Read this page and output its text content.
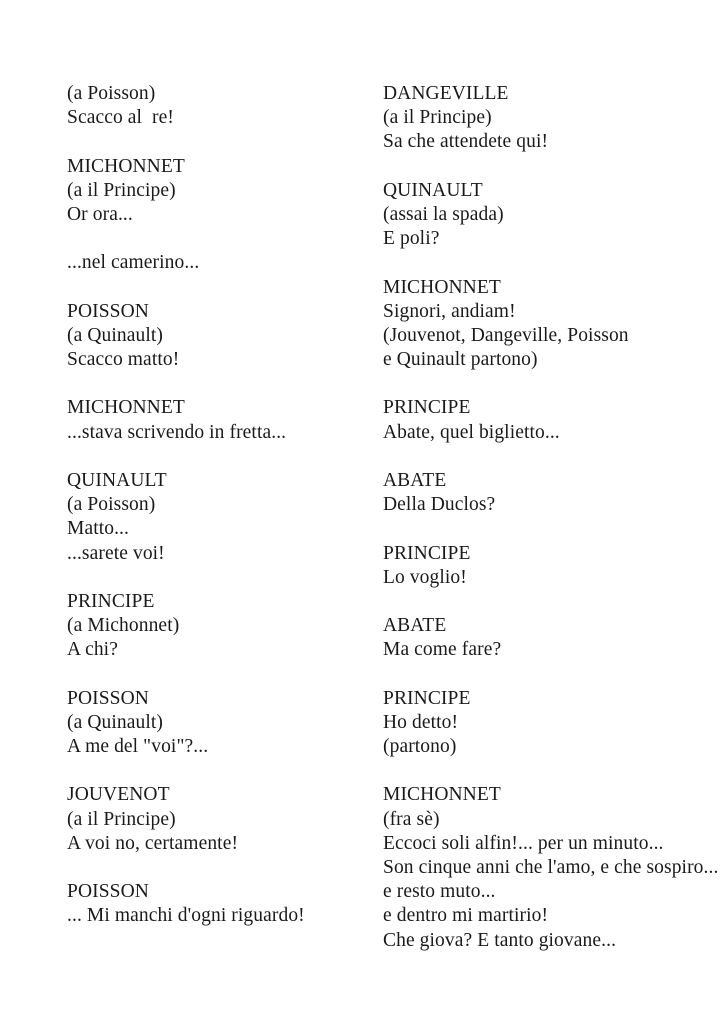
(a Poisson)
Scacco al  re!

MICHONNET
(a il Principe)
Or ora...

...nel camerino...

POISSON
(a Quinault)
Scacco matto!

MICHONNET
...stava scrivendo in fretta...

QUINAULT
(a Poisson)
Matto...
...sarete voi!

PRINCIPE
(a Michonnet)
A chi?

POISSON
(a Quinault)
A me del "voi"?...

JOUVENOT
(a il Principe)
A voi no, certamente!

POISSON
... Mi manchi d'ogni riguardo!
DANGEVILLE
(a il Principe)
Sa che attendete qui!

QUINAULT
(assai la spada)
E poli?

MICHONNET
Signori, andiam!
(Jouvenot, Dangeville, Poisson
e Quinault partono)

PRINCIPE
Abate, quel biglietto...

ABATE
Della Duclos?

PRINCIPE
Lo voglio!

ABATE
Ma come fare?

PRINCIPE
Ho detto!
(partono)

MICHONNET
(fra sè)
Eccoci soli alfin!... per un minuto...
Son cinque anni che l'amo, e che sospiro...
e resto muto...
e dentro mi martirio!
Che giova? E tanto giovane...
